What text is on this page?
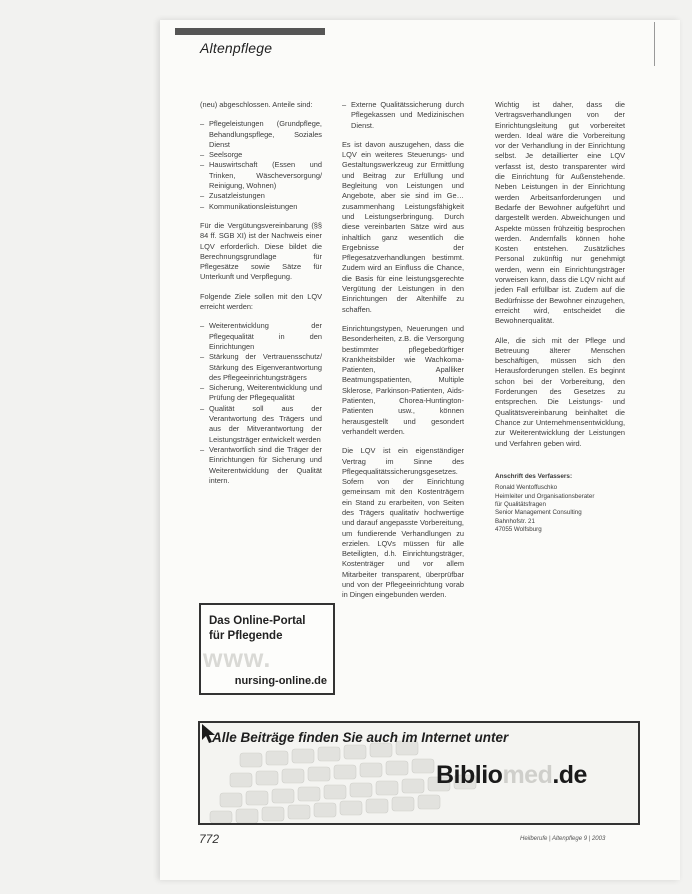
Altenpflege

(neu) abgeschlossen. Anteile sind:

– Pflegeleistungen (Grundpflege, Behandlungspflege, Soziales Dienst
– Seelsorge
– Hauswirtschaft (Essen und Trinken, Wäscheversorgung/ Reinigung, Wohnen)
– Zusatzleistungen
– Kommunikationsleistungen

Für die Vergütungsvereinbarung (§§ 84 ff. SGB XI) ist der Nachweis einer LQV erforderlich. Diese bildet die Berechnungsgrundlage für Pflegesätze sowie Sätze für Unterkunft und Verpflegung.

Folgende Ziele sollen mit den LQV erreicht werden:

– Weiterentwicklung der Pflegequalität in den Einrichtungen
– Stärkung der Vertrauensschutz/ Stärkung des Eigenverantwortung des Pflegeeinrichtungsträgers
– Sicherung, Weiterentwicklung und Prüfung der Pflegequalität
– Qualität soll aus der Verantwortung des Trägers und aus der Mitverantwortung der Leistungsträger entwickelt werden
– Verantwortlich sind die Träger der Einrichtungen für Sicherung und Weiterentwicklung der Qualität intern.
– Externe Qualitätssicherung durch Pflegekassen und Medizinischen Dienst.

Es ist davon auszugehen, dass die LQV ein weiteres Steuerungs- und Gestaltungswerkzeug zur Ermittlung und Beitrag zur Erfüllung und Begleitung von Leistungen und Angebote, aber sie sind im Ge… zusammenhang Leistungsfähigkeit und Leistungserbringung. Durch diese vereinbarten Sätze wird aus inhaltlich ganz wesentlich die Ergebnisse der Pflegesatzverhandlungen bestimmt. Zudem wird an Einfluss die Chance, die Basis für eine leistungsgerechte Vergütung der Leistungen in den Einrichtungen der Altenhilfe zu schaffen.

Einrichtungstypen, Neuerungen und Besonderheiten, z.B. die Versorgung bestimmter pflegebedürftiger Krankheitsbilder wie Wachkoma-Patienten, Apalliker Beatmungspatienten, Multiple Sklerose, Parkinson-Patienten, Aids-Patienten, Chorea-Huntington-Patienten usw., können herausgestellt und gesondert verhandelt werden.

Die LQV ist ein eigenständiger Vertrag im Sinne des Pflegequalitätssicherungsgesetzes. Sofern von der Einrichtung gemeinsam mit den Kostenträgern ein Stand zu erarbeiten, von Seiten des Trägers qualitativ hochwertige und darauf angepasste Vorbereitung, um fundierende Verhandlungen zu erzielen. LQVs müssen für alle Beteiligten, d.h. Einrichtungsträger, Kostenträger und vor allem Mitarbeiter transparent, überprüfbar und von der Pflegeeinrichtung vorab in Dingen eingebunden werden.

Wichtig ist daher, dass die Vertragsverhandlungen von der Einrichtungsleitung gut vorbereitet werden. Ideal wäre die Vorbereitung vor der Verhandlung in der Einrichtung selbst. Je detaillierter eine LQV verfasst ist, desto transparenter wird die Einrichtung für Außenstehende. Neben Leistungen in der Einrichtung werden Arbeitsanforderungen und Bedarfe der Bewohner aufgeführt und dargestellt werden. Abweichungen und Aspekte müssen frühzeitig besprochen werden. Andernfalls können hohe Kosten entstehen. Zusätzliches Personal zukünftig nur genehmigt werden, wenn ein Einrichtungsträger vorweisen kann, dass die LQV nicht auf jeden Fall erfüllbar ist. Zudem auf die Bedürfnisse der Bewohner einzugehen, erreicht wird, entscheidet die Bewohnerqualität.

Alle, die sich mit der Pflege und Betreuung älterer Menschen beschäftigen, müssen sich den Herausforderungen stellen. Es beginnt schon bei der Vorbereitung, den Forderungen des Gesetzes zu entsprechen. Die Leistungs- und Qualitätsvereinbarung beinhaltet die Chance zur Unternehmensentwicklung, zur Weiterentwicklung der Leistungen und Verfahren geben wird.

Anschrift des Verfassers:
Ronald Wentoffuschko
Heimleiter und Organisationsberater
für Qualitätsfragen
Senior Management Consulting
Bahnhofstr. 21
47055 Wolfsburg
Das Online-Portal
für Pflegende
www.
nursing-online.de
Alle Beiträge finden Sie auch im Internet unter
Bibliomed.de
772	Heilberufe | Altenpflege 9 | 2003
